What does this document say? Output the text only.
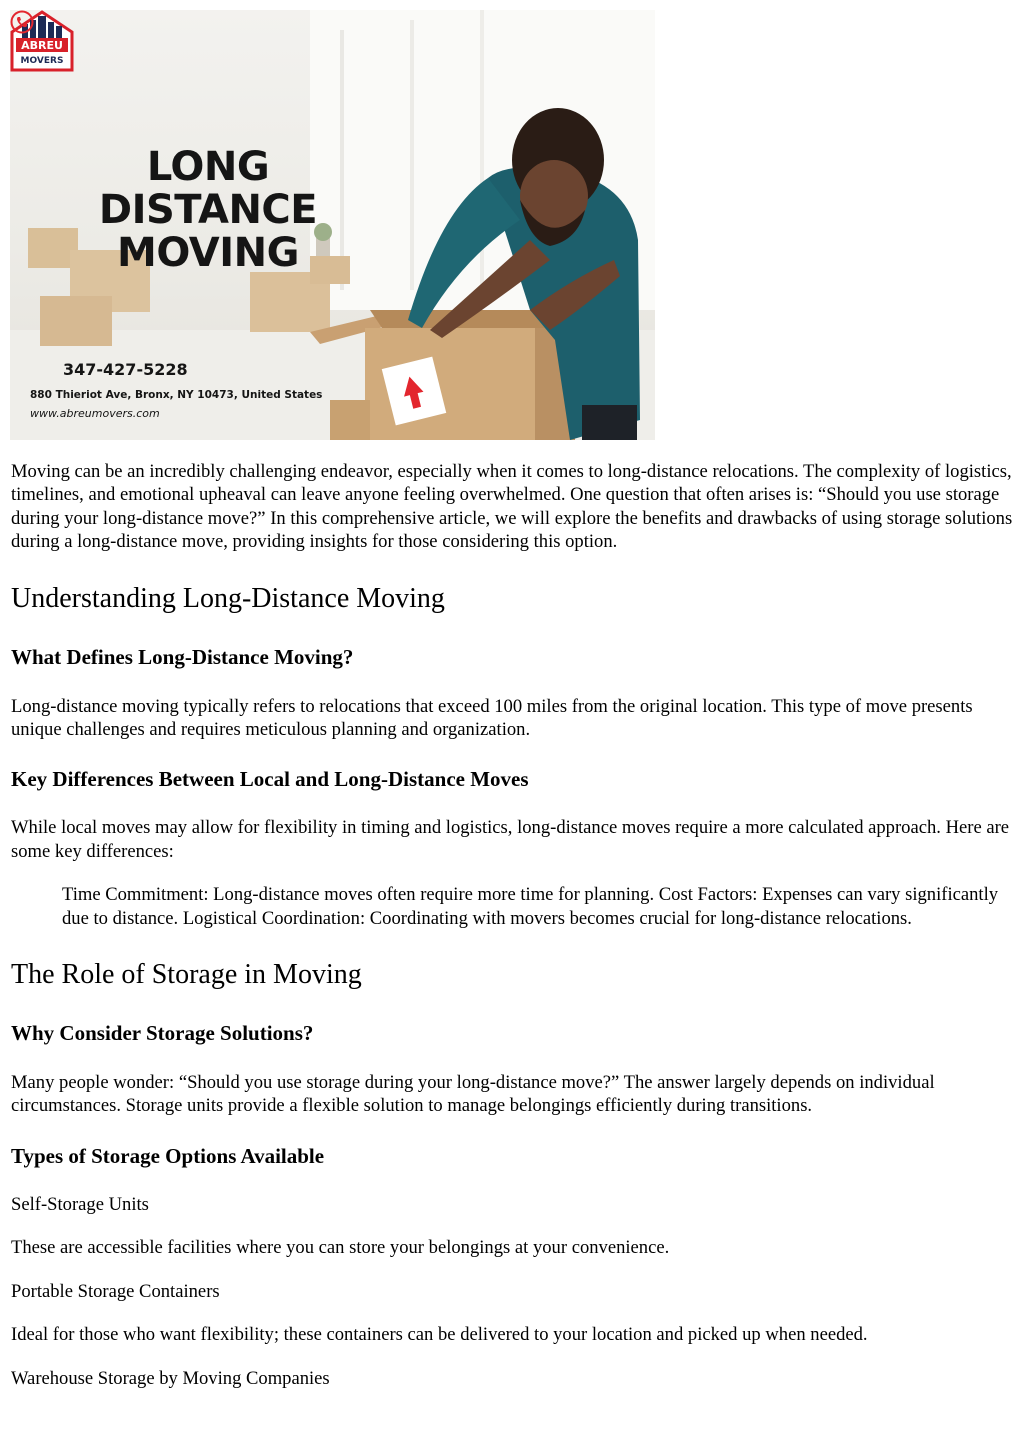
ABREU
MOVERS
LONG
DISTANCE
MOVING
347-427-5228
880 Thieriot Ave, Bronx, NY 10473, United States
www.abreumovers.com

Moving can be an incredibly challenging endeavor, especially when it comes to long-distance relocations. The complexity of logistics, timelines, and emotional upheaval can leave anyone feeling overwhelmed. One question that often arises is: “Should you use storage during your long-distance move?” In this comprehensive article, we will explore the benefits and drawbacks of using storage solutions during a long-distance move, providing insights for those considering this option.

Understanding Long-Distance Moving
What Defines Long-Distance Moving?

Long-distance moving typically refers to relocations that exceed 100 miles from the original location. This type of move presents unique challenges and requires meticulous planning and organization.

Key Differences Between Local and Long-Distance Moves

While local moves may allow for flexibility in timing and logistics, long-distance moves require a more calculated approach. Here are some key differences:

Time Commitment: Long-distance moves often require more time for planning. Cost Factors: Expenses can vary significantly due to distance. Logistical Coordination: Coordinating with movers becomes crucial for long-distance relocations.

The Role of Storage in Moving
Why Consider Storage Solutions?

Many people wonder: “Should you use storage during your long-distance move?” The answer largely depends on individual circumstances. Storage units provide a flexible solution to manage belongings efficiently during transitions.

Types of Storage Options Available

Self-Storage Units

These are accessible facilities where you can store your belongings at your convenience.

Portable Storage Containers

Ideal for those who want flexibility; these containers can be delivered to your location and picked up when needed.

Warehouse Storage by Moving Companies
